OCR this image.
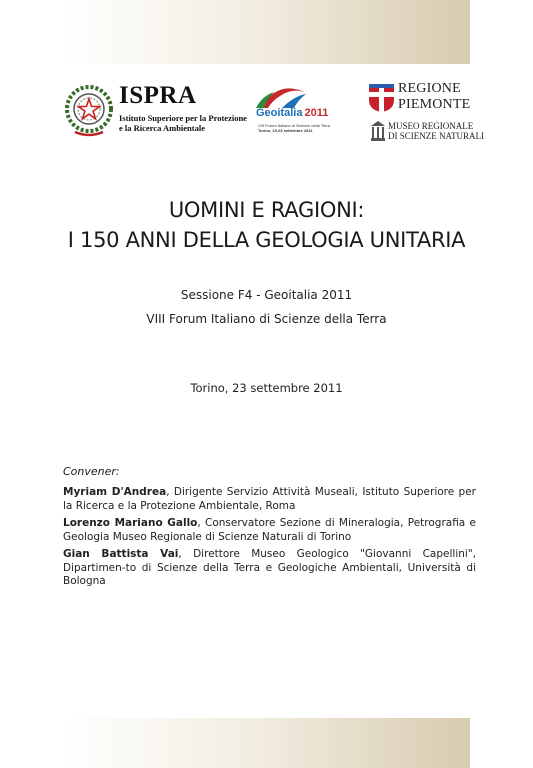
ISPRA
Istituto Superiore per la Protezione
e la Ricerca Ambientale
Geoitalia 2011
VIII Forum Italiano di Scienze della Terra
Torino, 19-23 settembre 2011
REGIONE
PIEMONTE
MUSEO REGIONALE
DI SCIENZE NATURALI
UOMINI E RAGIONI:
I 150 ANNI DELLA GEOLOGIA UNITARIA
Sessione F4 - Geoitalia 2011
VIII Forum Italiano di Scienze della Terra
Torino, 23 settembre 2011
Convener:
Myriam D'Andrea, Dirigente Servizio Attività Museali, Istituto Superiore per la Ricerca e la Protezione Ambientale, Roma
Lorenzo Mariano Gallo, Conservatore Sezione di Mineralogia, Petrografia e Geologia Museo Regionale di Scienze Naturali di Torino
Gian Battista Vai, Direttore Museo Geologico "Giovanni Capellini", Dipartimen-to di Scienze della Terra e Geologiche Ambientali, Università di Bologna
